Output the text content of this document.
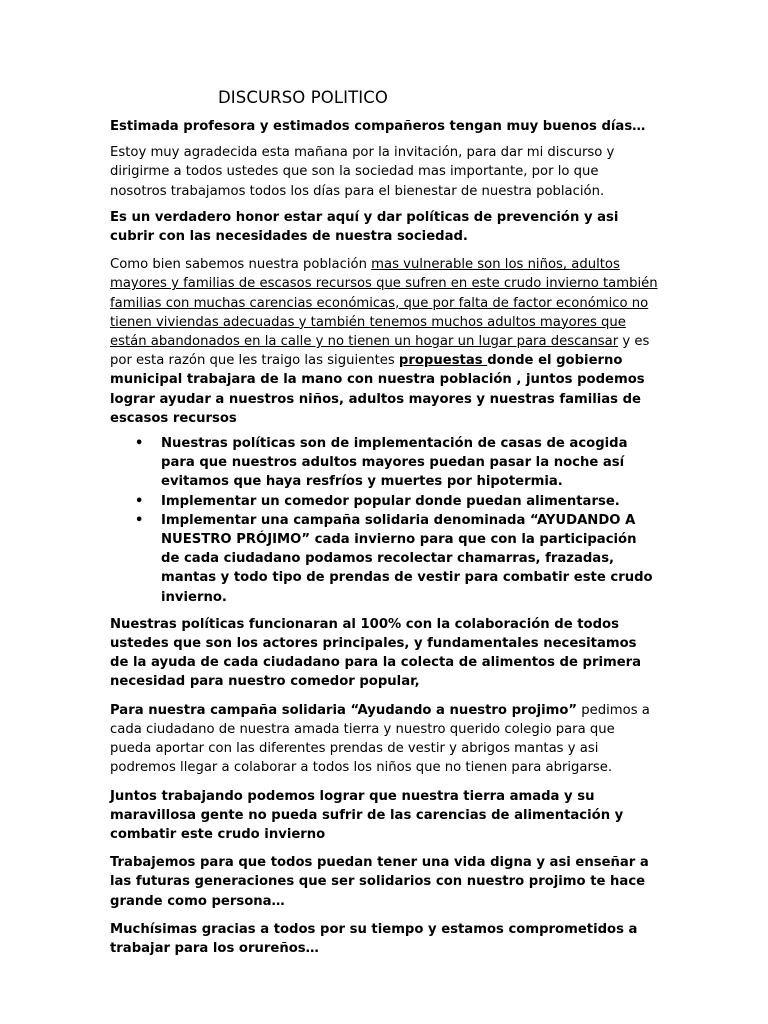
DISCURSO POLITICO

Estimada profesora y estimados compañeros tengan muy buenos días…

Estoy muy agradecida esta mañana por la invitación, para dar mi discurso y dirigirme a todos ustedes que son la sociedad mas importante, por lo que nosotros trabajamos todos los días para el bienestar de nuestra población.

Es un verdadero honor estar aquí y dar políticas de prevención y asi cubrir con las necesidades de nuestra sociedad.

Como bien sabemos nuestra población mas vulnerable son los niños, adultos mayores y familias de escasos recursos que sufren en este crudo invierno también familias con muchas carencias económicas, que por falta de factor económico no tienen viviendas adecuadas y también tenemos muchos adultos mayores que están abandonados en la calle y no tienen un hogar un lugar para descansar y es por esta razón que les traigo las siguientes propuestas donde el gobierno municipal trabajara de la mano con nuestra población , juntos podemos lograr ayudar a nuestros niños, adultos mayores y nuestras familias de escasos recursos

• Nuestras políticas son de implementación de casas de acogida para que nuestros adultos mayores puedan pasar la noche así evitamos que haya resfríos y muertes por hipotermia.
• Implementar un comedor popular donde puedan alimentarse.
• Implementar una campaña solidaria denominada “AYUDANDO A NUESTRO PRÓJIMO” cada invierno para que con la participación de cada ciudadano podamos recolectar chamarras, frazadas, mantas y todo tipo de prendas de vestir para combatir este crudo invierno.

Nuestras políticas funcionaran al 100% con la colaboración de todos ustedes que son los actores principales, y fundamentales necesitamos de la ayuda de cada ciudadano para la colecta de alimentos de primera necesidad para nuestro comedor popular,

Para nuestra campaña solidaria “Ayudando a nuestro projimo” pedimos a cada ciudadano de nuestra amada tierra y nuestro querido colegio para que pueda aportar con las diferentes prendas de vestir y abrigos mantas y asi podremos llegar a colaborar a todos los niños que no tienen para abrigarse.

Juntos trabajando podemos lograr que nuestra tierra amada y su maravillosa gente no pueda sufrir de las carencias de alimentación y combatir este crudo invierno

Trabajemos para que todos puedan tener una vida digna y asi enseñar a las futuras generaciones que ser solidarios con nuestro projimo te hace grande como persona…

Muchísimas gracias a todos por su tiempo y estamos comprometidos a trabajar para los orureños…
